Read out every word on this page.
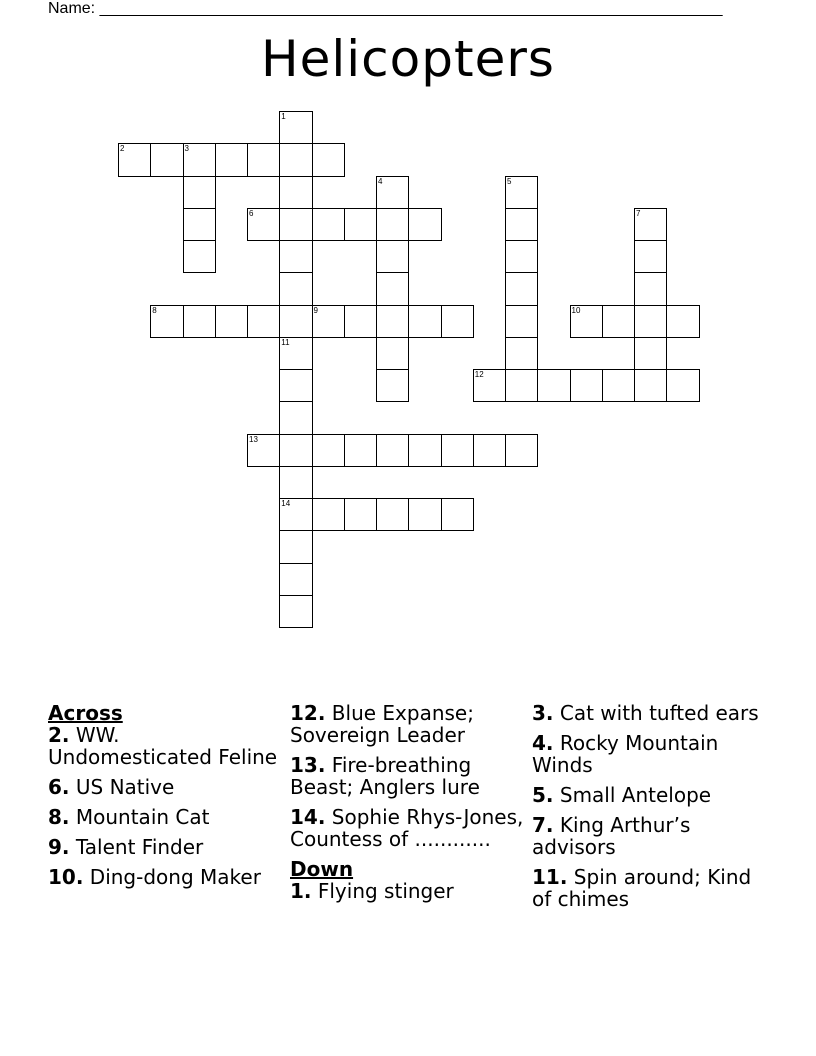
Name: ______________________________________________________________________
Helicopters
1
2	3
4	5
6	7
8	9	10
11
14
12
13
Across
2. WW. Undomesticated Feline
6. US Native
8. Mountain Cat
9. Talent Finder
10. Ding-dong Maker
12. Blue Expanse; Sovereign Leader
13. Fire-breathing Beast; Anglers lure
14. Sophie Rhys-Jones, Countess of ............
Down
1. Flying stinger
3. Cat with tufted ears
4. Rocky Mountain Winds
5. Small Antelope
7. King Arthur’s advisors
11. Spin around; Kind of chimes
